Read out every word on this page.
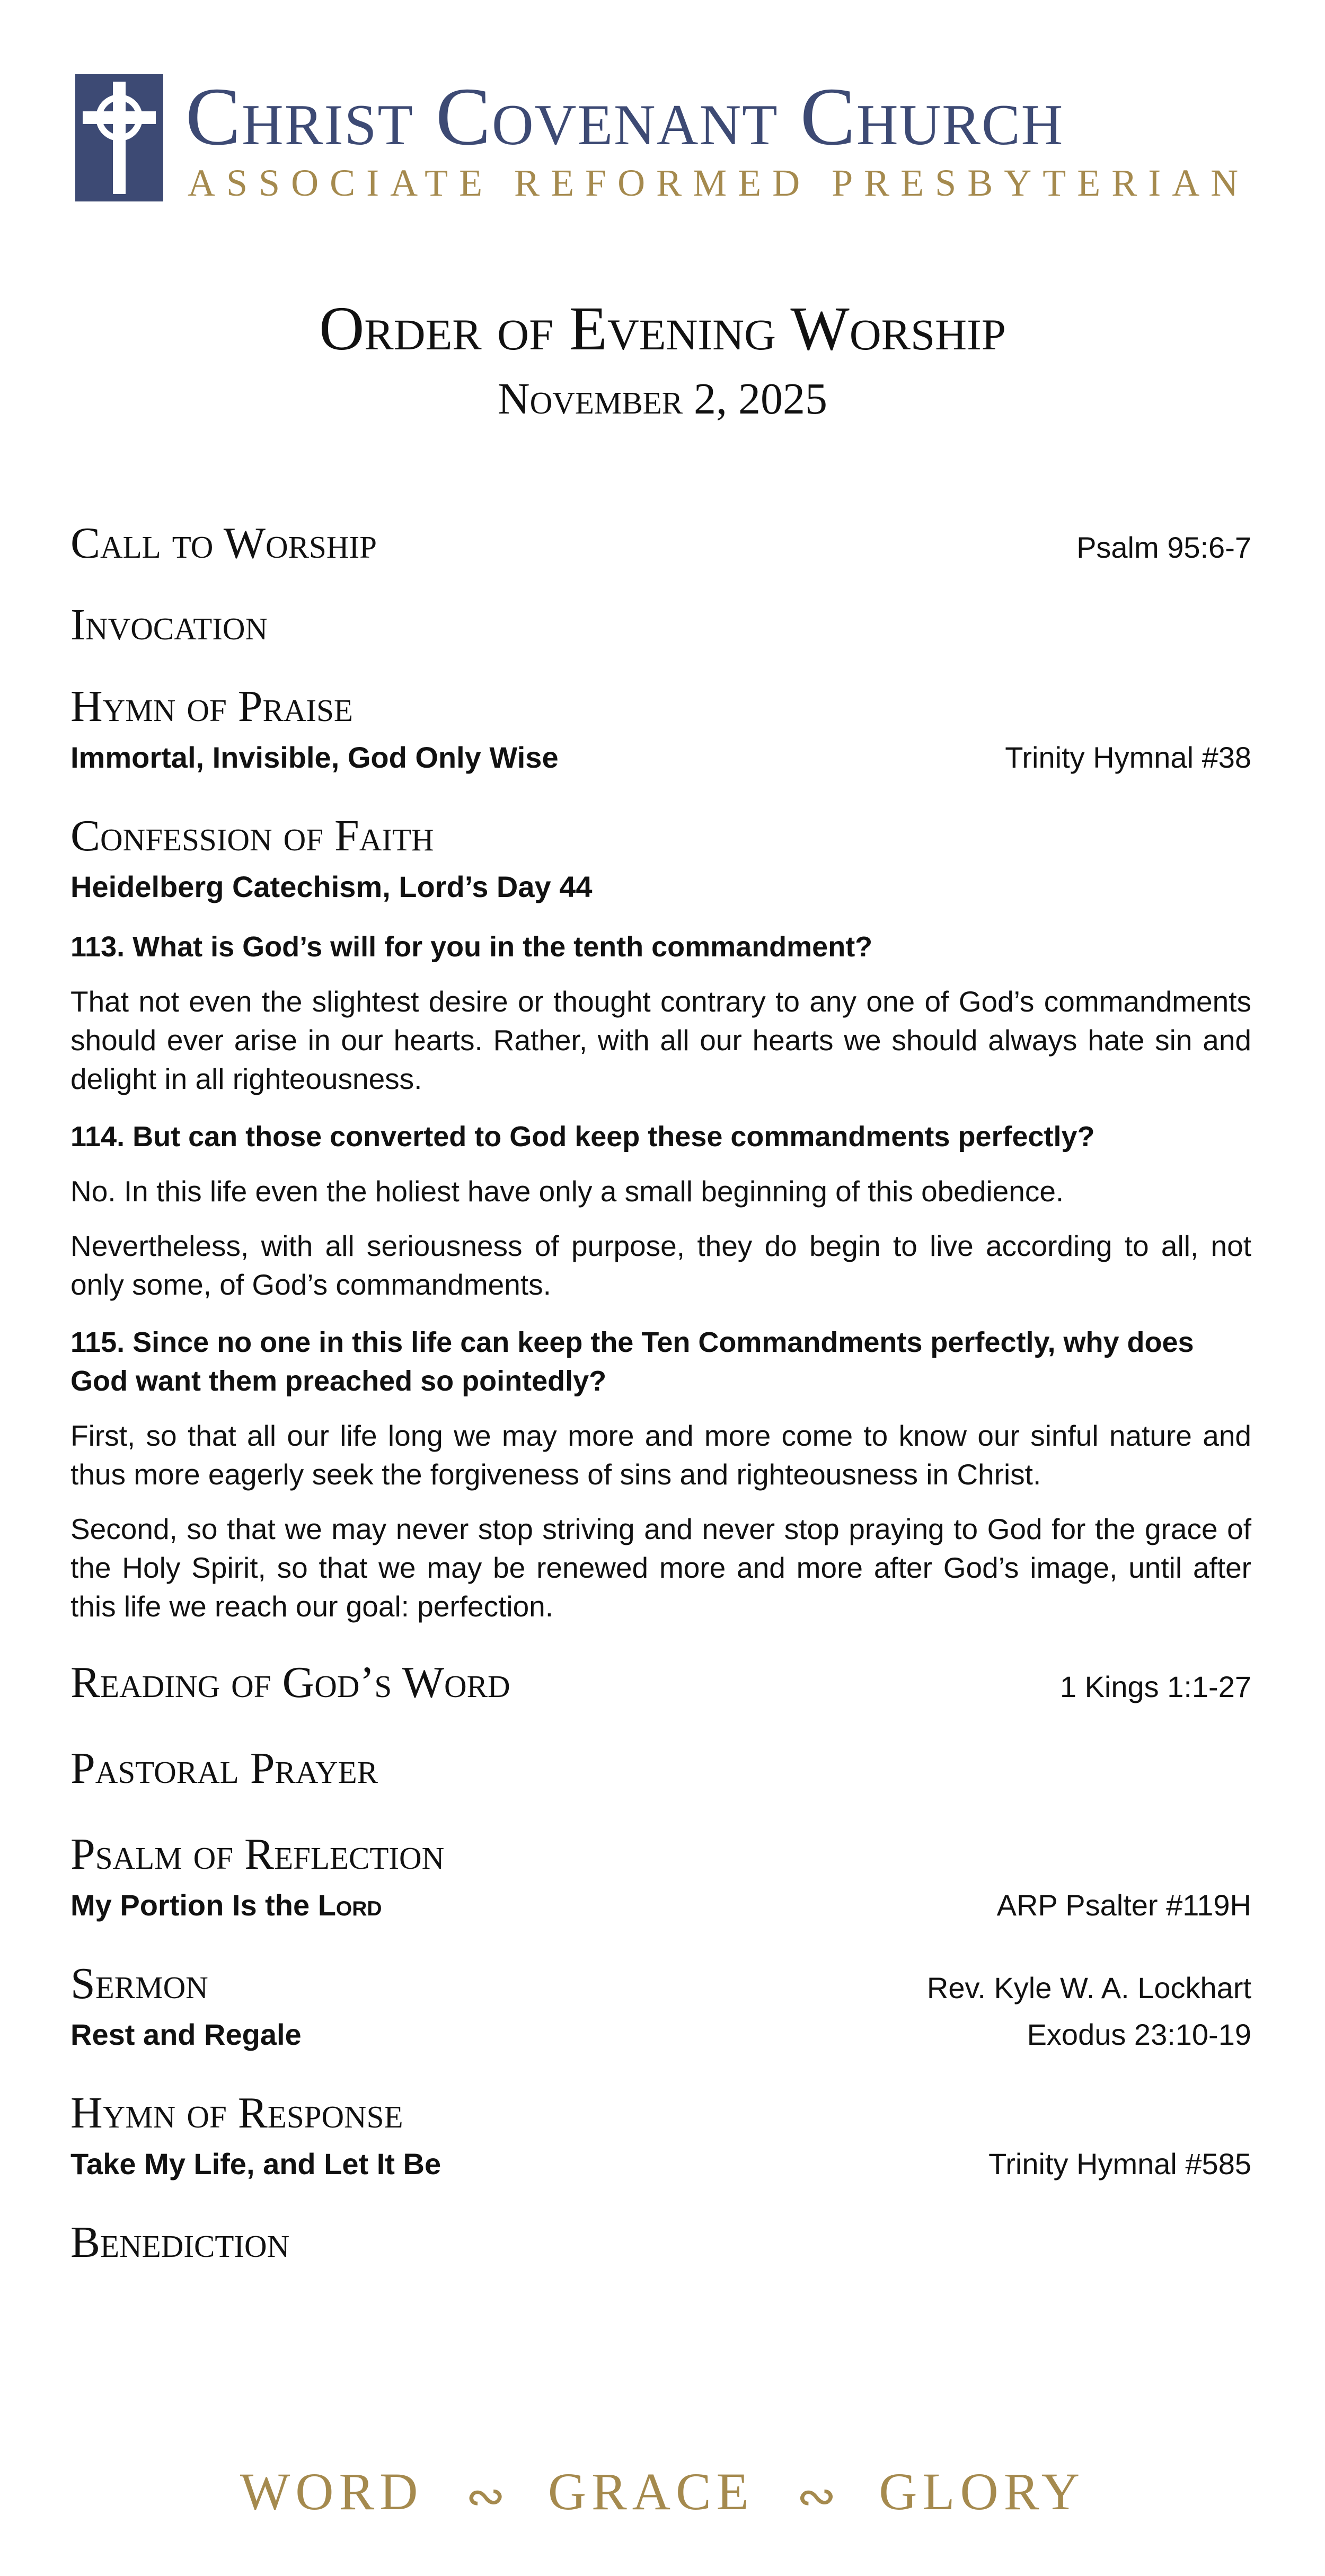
Christ Covenant Church
ASSOCIATE REFORMED PRESBYTERIAN
Order of Evening Worship
November 2, 2025
Call to Worship	Psalm 95:6-7
Invocation
Hymn of Praise
Immortal, Invisible, God Only Wise	Trinity Hymnal #38
Confession of Faith
Heidelberg Catechism, Lord’s Day 44
113. What is God’s will for you in the tenth commandment?
That not even the slightest desire or thought contrary to any one of God’s commandments should ever arise in our hearts. Rather, with all our hearts we should always hate sin and delight in all righteousness.
114. But can those converted to God keep these commandments perfectly?
No. In this life even the holiest have only a small beginning of this obedience.
Nevertheless, with all seriousness of purpose, they do begin to live according to all, not only some, of God’s commandments.
115. Since no one in this life can keep the Ten Commandments perfectly, why does God want them preached so pointedly?
First, so that all our life long we may more and more come to know our sinful nature and thus more eagerly seek the forgiveness of sins and righteousness in Christ.
Second, so that we may never stop striving and never stop praying to God for the grace of the Holy Spirit, so that we may be renewed more and more after God’s image, until after this life we reach our goal: perfection.
Reading of God’s Word	1 Kings 1:1-27
Pastoral Prayer
Psalm of Reflection
My Portion Is the Lord	ARP Psalter #119H
Sermon	Rev. Kyle W. A. Lockhart
Rest and Regale	Exodus 23:10-19
Hymn of Response
Take My Life, and Let It Be	Trinity Hymnal #585
Benediction
WORD ∾ GRACE ∾ GLORY
